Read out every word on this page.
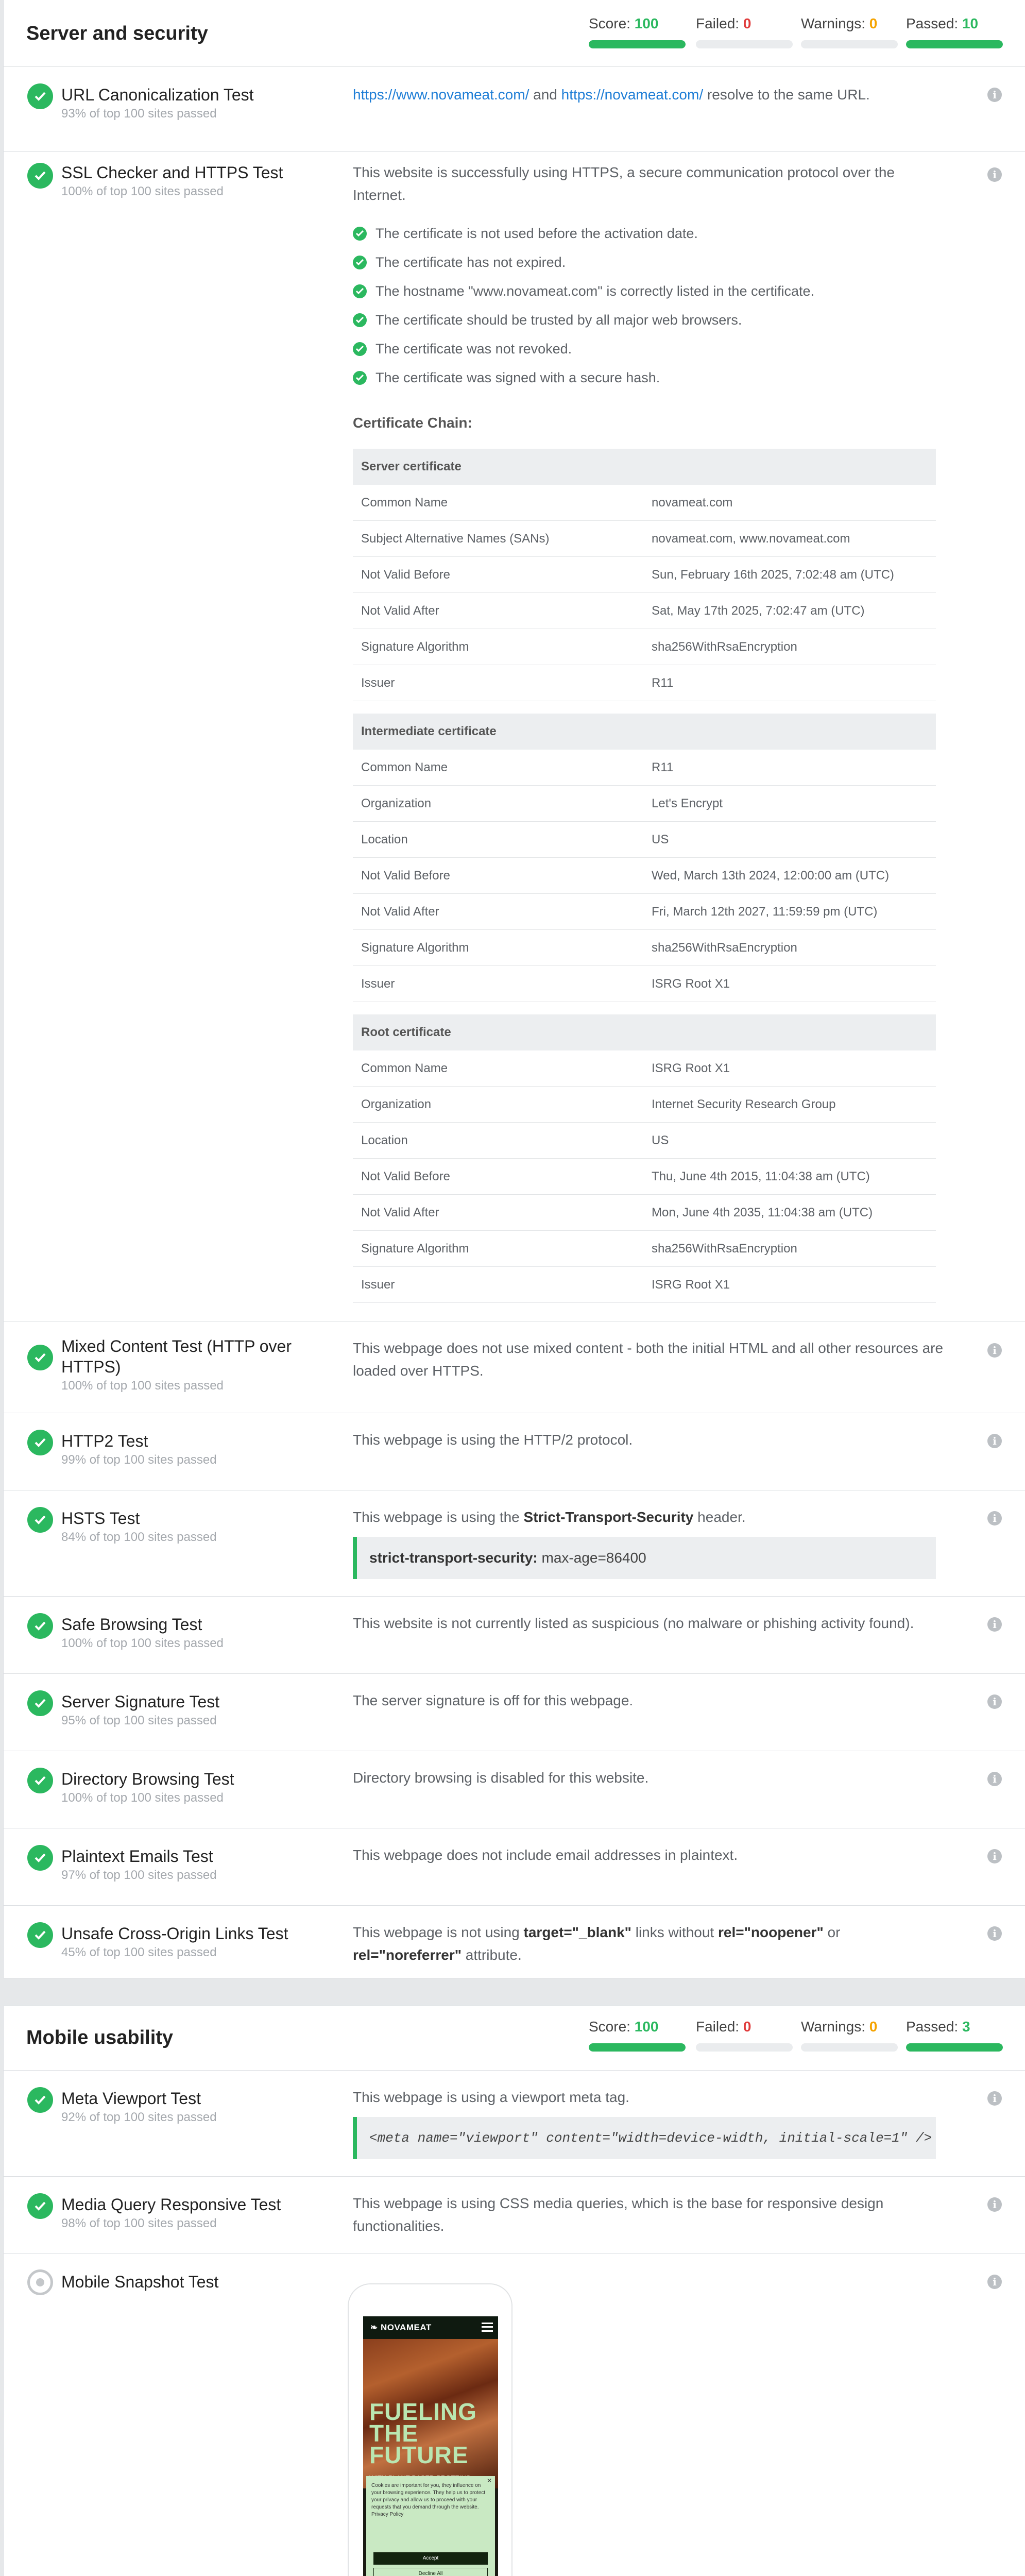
Server and security	Score: 100	Failed: 0	Warnings: 0	Passed: 10
URL Canonicalization Test
93% of top 100 sites passed
https://www.novameat.com/ and https://novameat.com/ resolve to the same URL.	i
SSL Checker and HTTPS Test
100% of top 100 sites passed
This website is successfully using HTTPS, a secure communication protocol over the Internet.
i
The certificate is not used before the activation date.
The certificate has not expired.
The hostname "www.novameat.com" is correctly listed in the certificate.
The certificate should be trusted by all major web browsers.
The certificate was not revoked.
The certificate was signed with a secure hash.
Certificate Chain:
Server certificate
Common Name	novameat.com
Subject Alternative Names (SANs)	novameat.com, www.novameat.com
Not Valid Before	Sun, February 16th 2025, 7:02:48 am (UTC)
Not Valid After	Sat, May 17th 2025, 7:02:47 am (UTC)
Signature Algorithm	sha256WithRsaEncryption
Issuer	R11
Intermediate certificate
Common Name	R11
Organization	Let's Encrypt
Location	US
Not Valid Before	Wed, March 13th 2024, 12:00:00 am (UTC)
Not Valid After	Fri, March 12th 2027, 11:59:59 pm (UTC)
Signature Algorithm	sha256WithRsaEncryption
Issuer	ISRG Root X1
Root certificate
Common Name	ISRG Root X1
Organization	Internet Security Research Group
Location	US
Not Valid Before	Thu, June 4th 2015, 11:04:38 am (UTC)
Not Valid After	Mon, June 4th 2035, 11:04:38 am (UTC)
Signature Algorithm	sha256WithRsaEncryption
Issuer	ISRG Root X1
Mixed Content Test (HTTP over HTTPS)
100% of top 100 sites passed
This webpage does not use mixed content - both the initial HTML and all other resources are loaded over HTTPS.
i
HTTP2 Test
99% of top 100 sites passed
This webpage is using the HTTP/2 protocol.	i
HSTS Test
84% of top 100 sites passed
This webpage is using the Strict-Transport-Security header.
strict-transport-security: max-age=86400
i
Safe Browsing Test
100% of top 100 sites passed
This website is not currently listed as suspicious (no malware or phishing activity found).	i
Server Signature Test
95% of top 100 sites passed
The server signature is off for this webpage.	i
Directory Browsing Test
100% of top 100 sites passed
Directory browsing is disabled for this website.	i
Plaintext Emails Test
97% of top 100 sites passed
This webpage does not include email addresses in plaintext.	i
Unsafe Cross-Origin Links Test
45% of top 100 sites passed
This webpage is not using target="_blank" links without rel="noopener" or rel="noreferrer" attribute.
i
Mobile usability
Score: 100	Failed: 0	Warnings: 0	Passed: 3
Meta Viewport Test
92% of top 100 sites passed
This webpage is using a viewport meta tag.
<meta name="viewport" content="width=device-width, initial-scale=1" />
i
Media Query Responsive Test
98% of top 100 sites passed
This webpage is using CSS media queries, which is the base for responsive design functionalities.
i
Mobile Snapshot Test	i
❧ NOVAMEAT
FUELING THE FUTURE
✕
Cookies are important for you, they influence on your browsing experience. They help us to protect your privacy and allow us to proceed with your requests that you demand through the website. Privacy Policy
Accept
Decline All
